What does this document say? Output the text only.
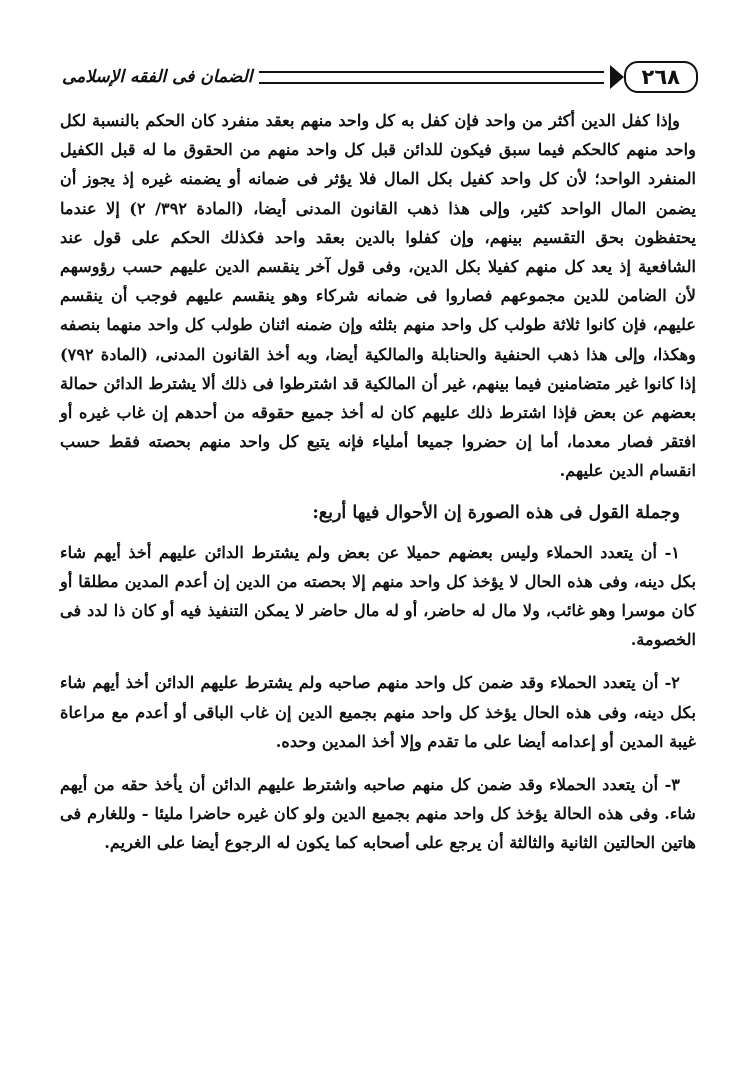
٢٦٨
الضمان فى الفقه الإسلامى

وإذا كفل الدين أكثر من واحد فإن كفل به كل واحد منهم بعقد منفرد كان الحكم بالنسبة لكل واحد منهم كالحكم فيما سبق فيكون للدائن قبل كل واحد منهم من الحقوق ما له قبل الكفيل المنفرد الواحد؛ لأن كل واحد كفيل بكل المال فلا يؤثر فى ضمانه أو يضمنه غيره إذ يجوز أن يضمن المال الواحد كثير، وإلى هذا ذهب القانون المدنى أيضا، (المادة ٣٩٢/ ٢) إلا عندما يحتفظون بحق التقسيم بينهم، وإن كفلوا بالدين بعقد واحد فكذلك الحكم على قول عند الشافعية إذ يعد كل منهم كفيلا بكل الدين، وفى قول آخر ينقسم الدين عليهم حسب رؤوسهم لأن الضامن للدين مجموعهم فصاروا فى ضمانه شركاء وهو ينقسم عليهم فوجب أن ينقسم عليهم، فإن كانوا ثلاثة طولب كل واحد منهم بثلثه وإن ضمنه اثنان طولب كل واحد منهما بنصفه وهكذا، وإلى هذا ذهب الحنفية والحنابلة والمالكية أيضا، وبه أخذ القانون المدنى، (المادة ٧٩٢) إذا كانوا غير متضامنين فيما بينهم، غير أن المالكية قد اشترطوا فى ذلك ألا يشترط الدائن حمالة بعضهم عن بعض فإذا اشترط ذلك عليهم كان له أخذ جميع حقوقه من أحدهم إن غاب غيره أو افتقر فصار معدما، أما إن حضروا جميعا أملياء فإنه يتبع كل واحد منهم بحصته فقط حسب انقسام الدين عليهم.

وجملة القول فى هذه الصورة إن الأحوال فيها أربع:

١- أن يتعدد الحملاء وليس بعضهم حميلا عن بعض ولم يشترط الدائن عليهم أخذ أيهم شاء بكل دينه، وفى هذه الحال لا يؤخذ كل واحد منهم إلا بحصته من الدين إن أعدم المدين مطلقا أو كان موسرا وهو غائب، ولا مال له حاضر، أو له مال حاضر لا يمكن التنفيذ فيه أو كان ذا لدد فى الخصومة.

٢- أن يتعدد الحملاء وقد ضمن كل واحد منهم صاحبه ولم يشترط عليهم الدائن أخذ أيهم شاء بكل دينه، وفى هذه الحال يؤخذ كل واحد منهم بجميع الدين إن غاب الباقى أو أعدم مع مراعاة غيبة المدين أو إعدامه أيضا على ما تقدم وإلا أخذ المدين وحده.

٣- أن يتعدد الحملاء وقد ضمن كل منهم صاحبه واشترط عليهم الدائن أن يأخذ حقه من أيهم شاء. وفى هذه الحالة يؤخذ كل واحد منهم بجميع الدين ولو كان غيره حاضرا مليئا - وللغارم فى هاتين الحالتين الثانية والثالثة أن يرجع على أصحابه كما يكون له الرجوع أيضا على الغريم.
